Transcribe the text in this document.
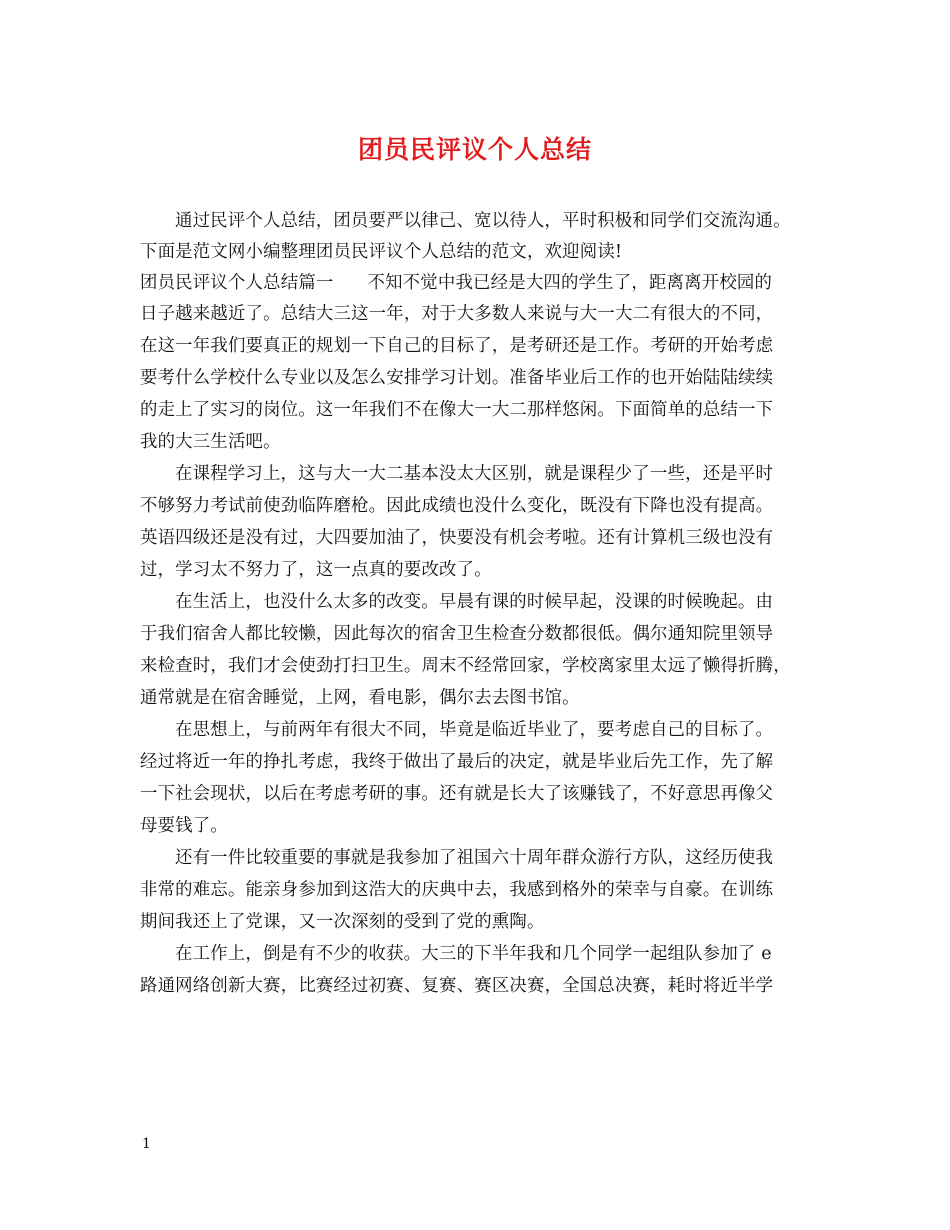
团员民评议个人总结
通过民评个人总结，团员要严以律己、宽以待人，平时积极和同学们交流沟通。
下面是范文网小编整理团员民评议个人总结的范文，欢迎阅读!
团员民评议个人总结篇一 不知不觉中我已经是大四的学生了，距离离开校园的
日子越来越近了。总结大三这一年，对于大多数人来说与大一大二有很大的不同，
在这一年我们要真正的规划一下自己的目标了，是考研还是工作。考研的开始考虑
要考什么学校什么专业以及怎么安排学习计划。准备毕业后工作的也开始陆陆续续
的走上了实习的岗位。这一年我们不在像大一大二那样悠闲。下面简单的总结一下
我的大三生活吧。
在课程学习上，这与大一大二基本没太大区别，就是课程少了一些，还是平时
不够努力考试前使劲临阵磨枪。因此成绩也没什么变化，既没有下降也没有提高。
英语四级还是没有过，大四要加油了，快要没有机会考啦。还有计算机三级也没有
过，学习太不努力了，这一点真的要改改了。
在生活上，也没什么太多的改变。早晨有课的时候早起，没课的时候晚起。由
于我们宿舍人都比较懒，因此每次的宿舍卫生检查分数都很低。偶尔通知院里领导
来检查时，我们才会使劲打扫卫生。周末不经常回家，学校离家里太远了懒得折腾，
通常就是在宿舍睡觉，上网，看电影，偶尔去去图书馆。
在思想上，与前两年有很大不同，毕竟是临近毕业了，要考虑自己的目标了。
经过将近一年的挣扎考虑，我终于做出了最后的决定，就是毕业后先工作，先了解
一下社会现状，以后在考虑考研的事。还有就是长大了该赚钱了，不好意思再像父
母要钱了。
还有一件比较重要的事就是我参加了祖国六十周年群众游行方队，这经历使我
非常的难忘。能亲身参加到这浩大的庆典中去，我感到格外的荣幸与自豪。在训练
期间我还上了党课，又一次深刻的受到了党的熏陶。
在工作上，倒是有不少的收获。大三的下半年我和几个同学一起组队参加了 e
路通网络创新大赛，比赛经过初赛、复赛、赛区决赛，全国总决赛，耗时将近半学
1
